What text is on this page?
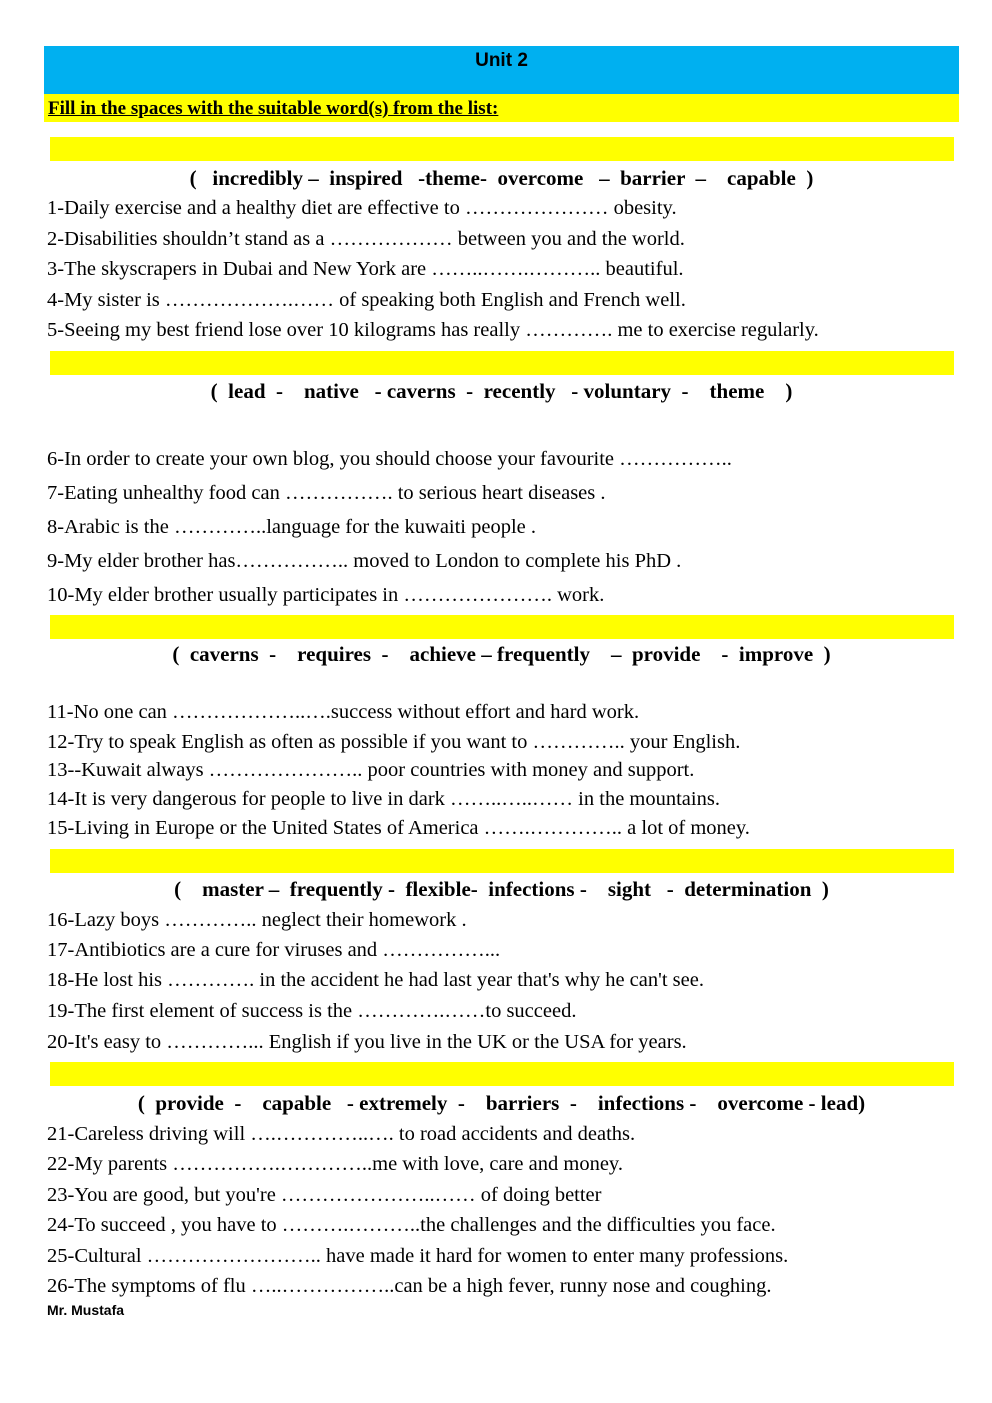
Unit 2
Fill in the spaces with the suitable word(s) from the list:
(   incredibly –  inspired   -theme-  overcome   –  barrier  –    capable  )
1-Daily exercise and a healthy diet are effective to ………………… obesity.
2-Disabilities shouldn’t stand as a ……………… between you and the world.
3-The skyscrapers in Dubai and New York are ……..…….……….. beautiful.
4-My sister is ……………….…… of speaking both English and French well.
5-Seeing my best friend lose over 10 kilograms has really …………. me to exercise regularly.
(  lead  -    native   - caverns  -  recently   - voluntary  -    theme    )
6-In order to create your own blog, you should choose your favourite ……………..
7-Eating unhealthy food can ……………. to serious heart diseases .
8-Arabic is the …………..language for the kuwaiti people .
9-My elder brother has…………….. moved to London to complete his PhD .
10-My elder brother usually participates in …………………. work.
(  caverns  -    requires  -    achieve – frequently    –  provide    -  improve  )
11-No one can ………………..….success without effort and hard work.
12-Try to speak English as often as possible if you want to ………….. your English.
13--Kuwait always ………………….. poor countries with money and support.
14-It is very dangerous for people to live in dark ……..…..…… in the mountains.
15-Living in Europe or the United States of America …….………….. a lot of money.
(    master –  frequently -  flexible-  infections -    sight   -  determination  )
16-Lazy boys ………….. neglect their homework .
17-Antibiotics are a cure for viruses and ……………...
18-He lost his …………. in the accident he had last year that's why he can't see.
19-The first element of success is the ………….……to succeed.
20-It's easy to …………... English if you live in the UK or the USA for years.
(  provide  -    capable   - extremely  -    barriers  -    infections -    overcome - lead)
21-Careless driving will ….…………..…. to road accidents and deaths.
22-My parents …………….…………..me with love, care and money.
23-You are good, but you're …………………..…… of doing better
24-To succeed , you have to ……….………..the challenges and the difficulties you face.
25-Cultural …………………….. have made it hard for women to enter many professions.
26-The symptoms of flu …..……………..can be a high fever, runny nose and coughing.
Mr. Mustafa
